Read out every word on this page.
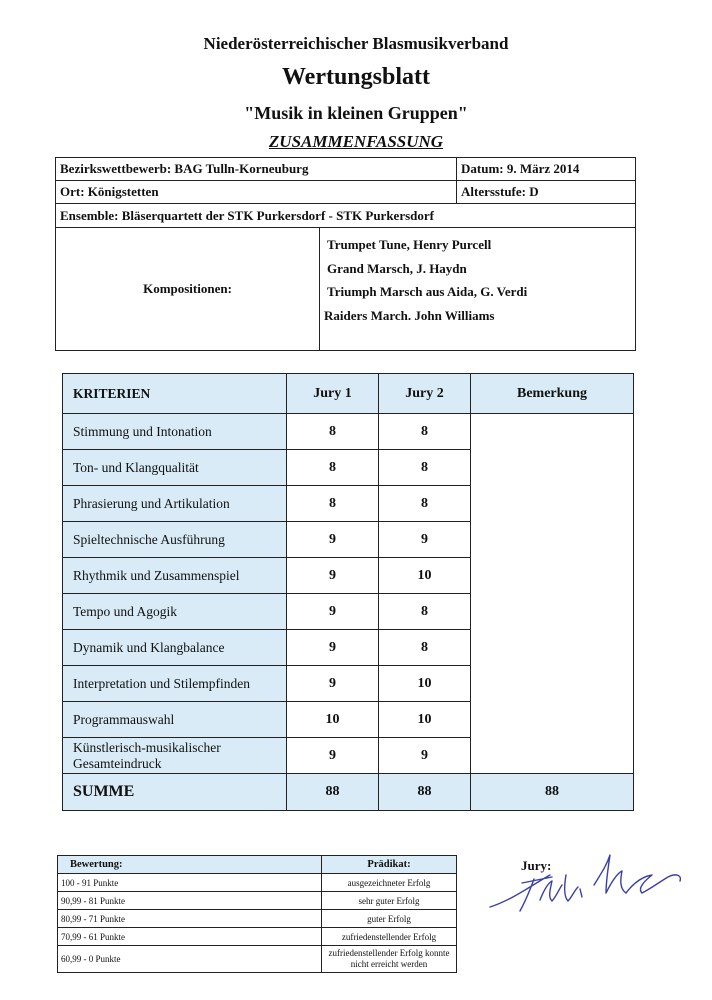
Niederösterreichischer Blasmusikverband
Wertungsblatt
"Musik in kleinen Gruppen"
ZUSAMMENFASSUNG
Bezirkswettbewerb: BAG Tulln-Korneuburg	Datum: 9. März 2014
Ort: Königstetten	Altersstufe: D
Ensemble: Bläserquartett der STK Purkersdorf - STK Purkersdorf
Kompositionen:
Trumpet Tune, Henry Purcell
Grand Marsch, J. Haydn
Triumph Marsch aus Aida, G. Verdi
Raiders March. John Williams
KRITERIEN	Jury 1	Jury 2	Bemerkung
Stimmung und Intonation	8	8	
Ton- und Klangqualität	8	8	
Phrasierung und Artikulation	8	8	
Spieltechnische Ausführung	9	9	
Rhythmik und Zusammenspiel	9	10	
Tempo und Agogik	9	8	
Dynamik und Klangbalance	9	8	
Interpretation und Stilempfinden	9	10	
Programmauswahl	10	10	
Künstlerisch-musikalischer Gesamteindruck	9	9	
SUMME	88	88	88
Bewertung:	Prädikat:
100 - 91 Punkte	ausgezeichneter Erfolg
90,99 - 81 Punkte	sehr guter Erfolg
80,99 - 71 Punkte	guter Erfolg
70,99 - 61 Punkte	zufriedenstellender Erfolg
60,99 - 0 Punkte	zufriedenstellender Erfolg konnte nicht erreicht werden
Jury:
